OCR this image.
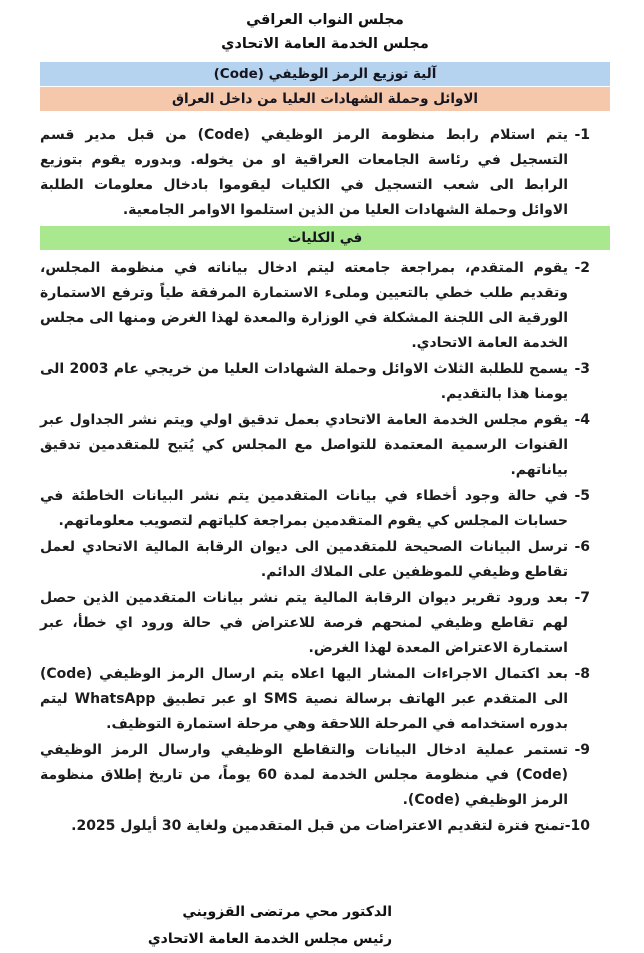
مجلس النواب العراقي
مجلس الخدمة العامة الاتحادي
آلية توزيع الرمز الوظيفي (Code)
الاوائل وحملة الشهادات العليا من داخل العراق
1-
يتم استلام رابط منظومة الرمز الوظيفي (Code) من قبل مدير قسم التسجيل في رئاسة الجامعات العراقية او من يخوله. وبدوره يقوم بتوزيع الرابط الى شعب التسجيل في الكليات ليقوموا بادخال معلومات الطلبة الاوائل وحملة الشهادات العليا من الذين استلموا الاوامر الجامعية.
في الكليات
2-
يقوم المتقدم، بمراجعة جامعته ليتم ادخال بياناته في منظومة المجلس، وتقديم طلب خطي بالتعيين وملىء الاستمارة المرفقة طياً وترفع الاستمارة الورقية الى اللجنة المشكلة في الوزارة والمعدة لهذا الغرض ومنها الى مجلس الخدمة العامة الاتحادي.
3-
يسمح للطلبة الثلاث الاوائل وحملة الشهادات العليا من خريجي عام 2003 الى يومنا هذا بالتقديم.
4-
يقوم مجلس الخدمة العامة الاتحادي بعمل تدقيق اولي ويتم نشر الجداول عبر القنوات الرسمية المعتمدة للتواصل مع المجلس كي يُتيح للمتقدمين تدقيق بياناتهم.
5-
في حالة وجود أخطاء في بيانات المتقدمين يتم نشر البيانات الخاطئة في حسابات المجلس كي يقوم المتقدمين بمراجعة كلياتهم لتصويب معلوماتهم.
6-
ترسل البيانات الصحيحة للمتقدمين الى ديوان الرقابة المالية الاتحادي لعمل تقاطع وظيفي للموظفين على الملاك الدائم.
7-
بعد ورود تقرير ديوان الرقابة المالية يتم نشر بيانات المتقدمين الذين حصل لهم تقاطع وظيفي لمنحهم فرصة للاعتراض في حالة ورود اي خطأ، عبر استمارة الاعتراض المعدة لهذا الغرض.
8-
بعد اكتمال الاجراءات المشار اليها اعلاه يتم ارسال الرمز الوظيفي (Code) الى المتقدم عبر الهاتف برسالة نصية SMS او عبر تطبيق WhatsApp ليتم بدوره استخدامه في المرحلة اللاحقة وهي مرحلة استمارة التوظيف.
9-
تستمر عملية ادخال البيانات والتقاطع الوظيفي وارسال الرمز الوظيفي (Code) في منظومة مجلس الخدمة لمدة 60 يوماً، من تاريخ إطلاق منظومة الرمز الوظيفي (Code).
10-
تمنح فترة لتقديم الاعتراضات من قبل المتقدمين ولغاية 30 أيلول 2025.
الدكتور محي مرتضى القزويني
رئيس مجلس الخدمة العامة الاتحادي
